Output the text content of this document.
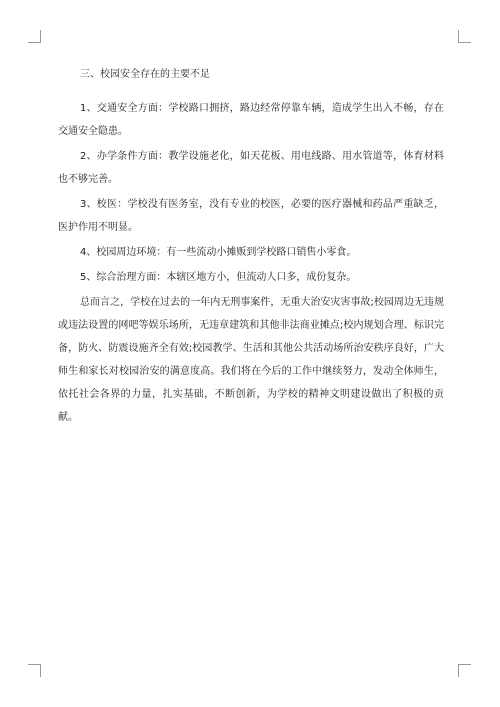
三、校园安全存在的主要不足

1、交通安全方面：学校路口拥挤，路边经常停靠车辆，造成学生出入不畅，存在交通安全隐患。

2、办学条件方面：教学设施老化，如天花板、用电线路、用水管道等，体育材料也不够完善。

3、校医：学校没有医务室，没有专业的校医，必要的医疗器械和药品严重缺乏，医护作用不明显。

4、校园周边环境：有一些流动小摊贩到学校路口销售小零食。

5、综合治理方面：本辖区地方小，但流动人口多，成份复杂。

总而言之，学校在过去的一年内无刑事案件，无重大治安灾害事故;校园周边无违规或违法设置的网吧等娱乐场所，无违章建筑和其他非法商业摊点;校内规划合理、标识完备，防火、防震设施齐全有效;校园教学、生活和其他公共活动场所治安秩序良好，广大师生和家长对校园治安的满意度高。我们将在今后的工作中继续努力，发动全体师生，依托社会各界的力量，扎实基础，不断创新，为学校的精神文明建设做出了积极的贡献。
